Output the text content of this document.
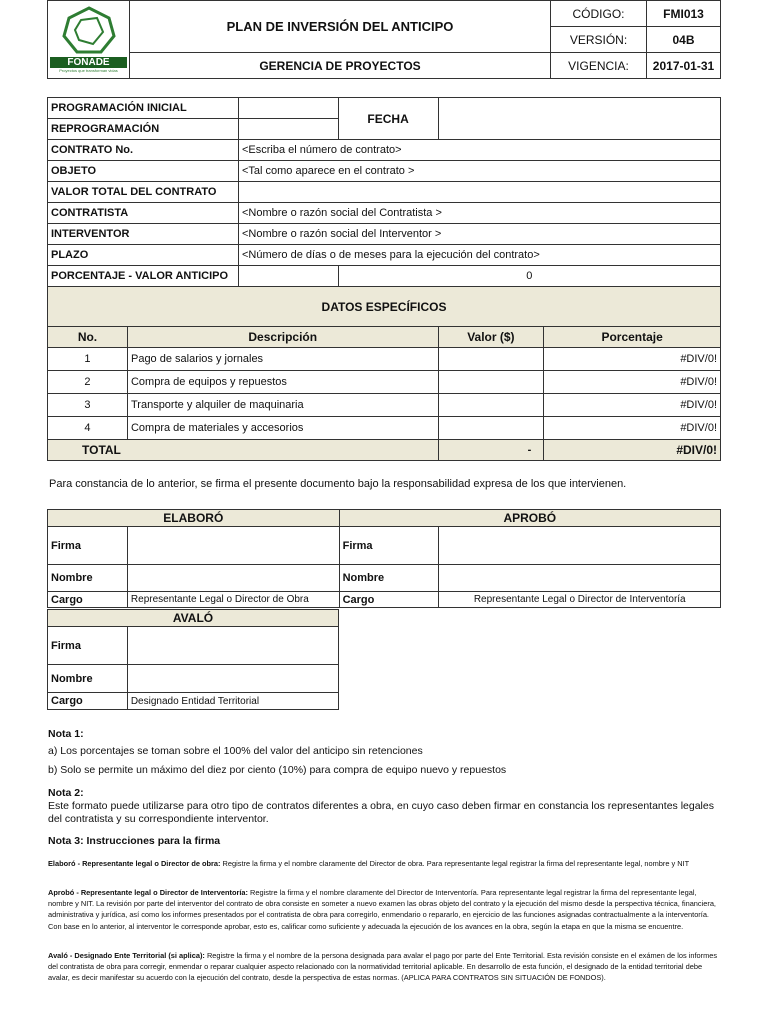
FONADE
Proyectos que transforman vidas	PLAN DE INVERSIÓN DEL ANTICIPO	CÓDIGO:	FMI013
		VERSIÓN:	04B
	GERENCIA DE PROYECTOS	VIGENCIA:	2017-01-31
PROGRAMACIÓN INICIAL			FECHA		
REPROGRAMACIÓN					
CONTRATO No.		<Escriba el número de contrato>			
OBJETO		<Tal como aparece en el contrato >			
VALOR TOTAL DEL CONTRATO					
CONTRATISTA		<Nombre o razón social del Contratista >			
INTERVENTOR		<Nombre o razón social del Interventor >			
PLAZO		<Número de días o de meses para la ejecución del contrato>			
PORCENTAJE - VALOR ANTICIPO			0		
DATOS ESPECÍFICOS					
No.	Descripción			Valor ($)	Porcentaje
1	Pago de salarios y jornales				#DIV/0!
2	Compra de equipos y repuestos				#DIV/0!
3	Transporte y alquiler de maquinaria				#DIV/0!
4	Compra de materiales y accesorios				#DIV/0!
TOTAL				-	#DIV/0!
Para constancia de lo anterior, se firma el presente documento bajo la responsabilidad expresa de los que intervienen.
ELABORÓ		APROBÓ	
Firma		Firma	
Nombre		Nombre	
Cargo	Representante Legal o Director de Obra	Cargo	Representante Legal o Director de Interventoría
AVALÓ	
Firma	
Nombre	
Cargo	Designado Entidad Territorial
Nota 1:
a) Los porcentajes se toman sobre el 100% del valor del anticipo sin retenciones
b) Solo se permite un máximo del diez por ciento (10%) para compra de equipo nuevo y repuestos
Nota 2:
Este formato puede utilizarse para otro tipo de contratos diferentes a obra, en cuyo caso deben firmar en constancia los representantes legales del contratista y su correspondiente interventor.
Nota 3: Instrucciones para la firma
Elaboró - Representante legal o Director de obra: Registre la firma y el nombre claramente del Director de obra. Para representante legal registrar la firma del representante legal, nombre y NIT
Aprobó - Representante legal o Director de Interventoría: Registre la firma y el nombre claramente del Director de Interventoría. Para representante legal registrar la firma del representante legal, nombre y NIT. La revisión por parte del interventor del contrato de obra consiste en someter a nuevo examen las obras objeto del contrato y la ejecución del mismo desde la perspectiva técnica, financiera, administrativa y jurídica, así como los informes presentados por el contratista de obra para corregirlo, enmendario o repararlo, en ejercicio de las funciones asignadas contractualmente a la interventoría. Con base en lo anterior, al interventor le corresponde aprobar, esto es, calificar como suficiente y adecuada la ejecución de los avances en la obra, según la etapa en que la misma se encuentre.
Avaló - Designado Ente Territorial (si aplica): Registre la firma y el nombre de la persona designada para avalar el pago por parte del Ente Territorial. Esta revisión consiste en el exámen de los informes del contratista de obra para corregir, enmendar o reparar cualquier aspecto relacionado con la normatividad territorial aplicable. En desarrollo de esta función, el designado de la entidad territorial debe avalar, es decir manifestar su acuerdo con la ejecución del contrato, desde la perspectiva de estas normas. (APLICA PARA CONTRATOS SIN SITUACIÓN DE FONDOS).
